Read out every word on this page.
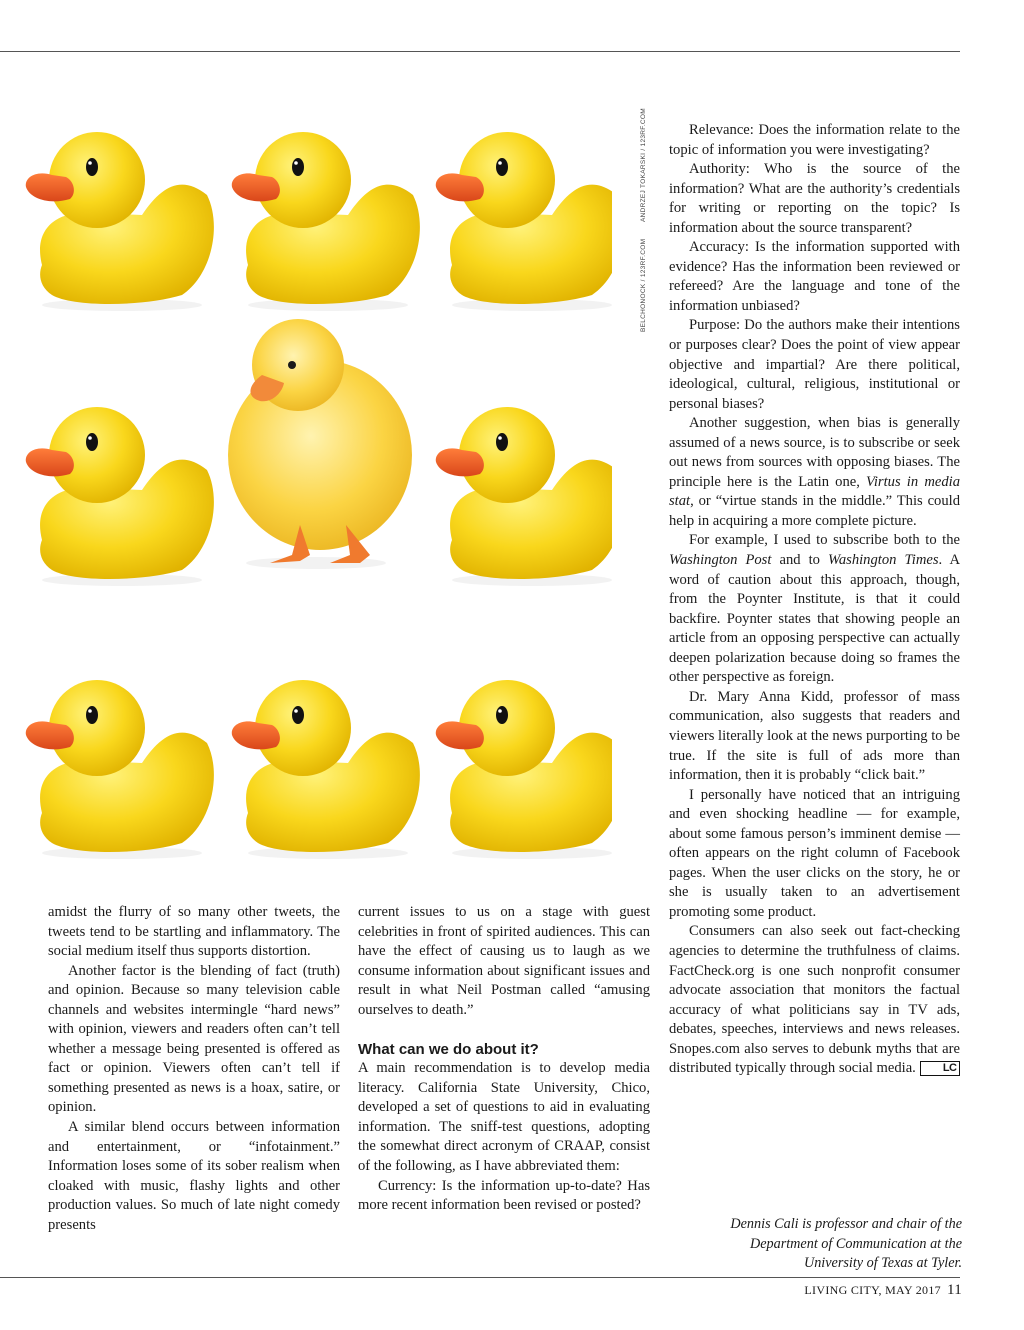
BELCHONOCK / 123RF.COM
ANDRZEJ TOKARSKI / 123RF.COM

amidst the flurry of so many other tweets, the tweets tend to be startling and inflammatory. The social medium itself thus supports distortion.

Another factor is the blending of fact (truth) and opinion. Because so many television cable channels and websites intermingle “hard news” with opinion, viewers and readers often can’t tell whether a message being presented is offered as fact or opinion. Viewers often can’t tell if something presented as news is a hoax, satire, or opinion.

A similar blend occurs between information and entertainment, or “infotainment.” Information loses some of its sober realism when cloaked with music, flashy lights and other production values. So much of late night comedy presents

current issues to us on a stage with guest celebrities in front of spirited audiences. This can have the effect of causing us to laugh as we consume information about significant issues and result in what Neil Postman called “amusing ourselves to death.”

What can we do about it?

A main recommendation is to develop media literacy. California State University, Chico, developed a set of questions to aid in evaluating information. The sniff-test questions, adopting the somewhat direct acronym of CRAAP, consist of the following, as I have abbreviated them:

Currency: Is the information up-to-date? Has more recent information been revised or posted?

Relevance: Does the information relate to the topic of information you were investigating?

Authority: Who is the source of the information? What are the authority’s credentials for writing or reporting on the topic? Is information about the source transparent?

Accuracy: Is the information supported with evidence? Has the information been reviewed or refereed? Are the language and tone of the information unbiased?

Purpose: Do the authors make their intentions or purposes clear? Does the point of view appear objective and impartial? Are there political, ideological, cultural, religious, institutional or personal biases?

Another suggestion, when bias is generally assumed of a news source, is to subscribe or seek out news from sources with opposing biases. The principle here is the Latin one, Virtus in media stat, or “virtue stands in the middle.” This could help in acquiring a more complete picture.

For example, I used to subscribe both to the Washington Post and to Washington Times. A word of caution about this approach, though, from the Poynter Institute, is that it could backfire. Poynter states that showing people an article from an opposing perspective can actually deepen polarization because doing so frames the other perspective as foreign.

Dr. Mary Anna Kidd, professor of mass communication, also suggests that readers and viewers literally look at the news purporting to be true. If the site is full of ads more than information, then it is probably “click bait.”

I personally have noticed that an intriguing and even shocking headline — for example, about some famous person’s imminent demise — often appears on the right column of Facebook pages. When the user clicks on the story, he or she is usually taken to an advertisement promoting some product.

Consumers can also seek out fact-checking agencies to determine the truthfulness of claims. FactCheck.org is one such nonprofit consumer advocate association that monitors the factual accuracy of what politicians say in TV ads, debates, speeches, interviews and news releases. Snopes.com also serves to debunk myths that are distributed typically through social media. LC

Dennis Cali is professor and chair of the Department of Communication at the University of Texas at Tyler.
LIVING CITY, MAY 2017 11
